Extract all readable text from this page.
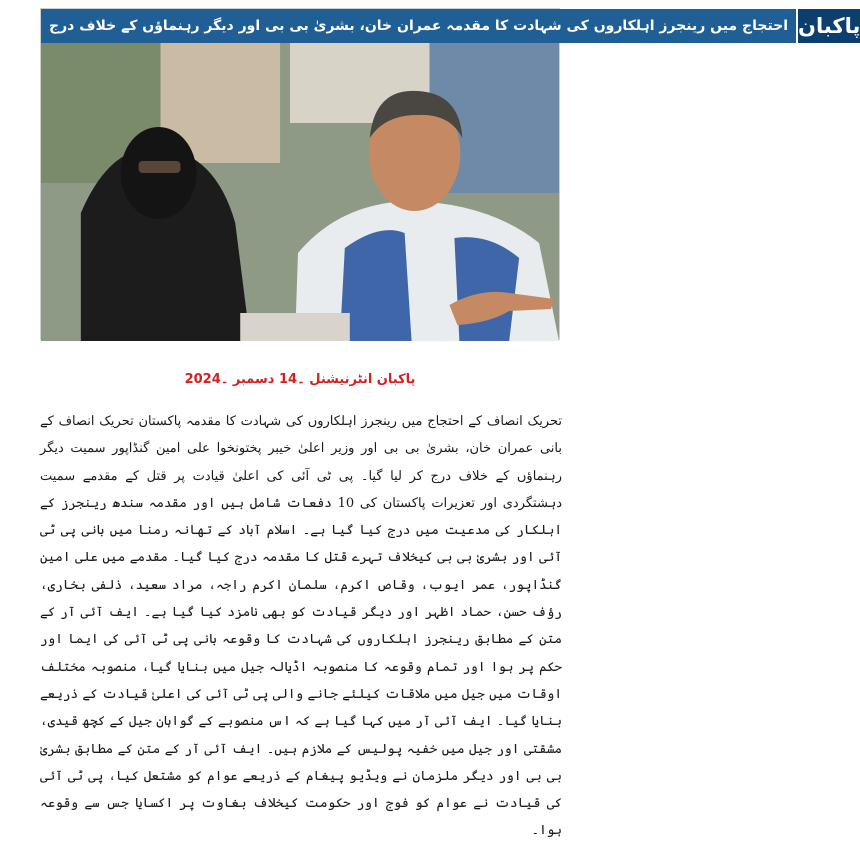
احتجاج میں رینجرز اہلکاروں کی شہادت کا مقدمہ عمران خان، بشریٰ بی بی اور دیگر رہنماؤں کے خلاف درج پاکبان
پاکبان انٹرنیشنل ۔14 دسمبر ۔2024

تحریک انصاف کے احتجاج میں رینجرز اہلکاروں کی شہادت کا مقدمہ پاکستان تحریک انصاف کے بانی عمران خان، بشریٰ بی بی اور وزیر اعلیٰ خیبر پختونخوا علی امین گنڈاپور سمیت دیگر رہنماؤں کے خلاف درج کر لیا گیا۔ پی ٹی آئی کی اعلیٰ قیادت پر قتل کے مقدمے سمیت دہشتگردی اور تعزیرات پاکستان کی 10 دفعات شامل ہیں اور مقدمہ سندھ رینجرز کے اہلکار کی مدعیت میں درج کیا گیا ہے۔ اسلام آباد کے تھانہ رمنا میں بانی پی ٹی آئی اور بشریٰ بی بی کیخلاف تہرے قتل کا مقدمہ درج کیا گیا۔ مقدمے میں علی امین گنڈاپور، عمر ایوب، وقاص اکرم، سلمان اکرم راجہ، مراد سعید، ذلفی بخاری، رؤف حسن، حماد اظہر اور دیگر قیادت کو بھی نامزد کیا گیا ہے۔ ایف آئی آر کے متن کے مطابق رینجرز اہلکاروں کی شہادت کا وقوعہ بانی پی ٹی آئی کی ایما اور حکم پر ہوا اور تمام وقوعہ کا منصوبہ اڈیالہ جیل میں بنایا گیا، منصوبہ مختلف اوقات میں جیل میں ملاقات کیلئے جانے والی پی ٹی آئی کی اعلیٰ قیادت کے ذریعے بنایا گیا۔ ایف آئی آر میں کہا گیا ہے کہ اس منصوبے کے گواہان جیل کے کچھ قیدی، مشقتی اور جیل میں خفیہ پولیس کے ملازم ہیں۔ ایف آئی آر کے متن کے مطابق بشریٰ بی بی اور دیگر ملزمان نے ویڈیو پیغام کے ذریعے عوام کو مشتعل کیا، پی ٹی آئی کی قیادت نے عوام کو فوج اور حکومت کیخلاف بغاوت پر اکسایا جس سے وقوعہ ہوا۔
